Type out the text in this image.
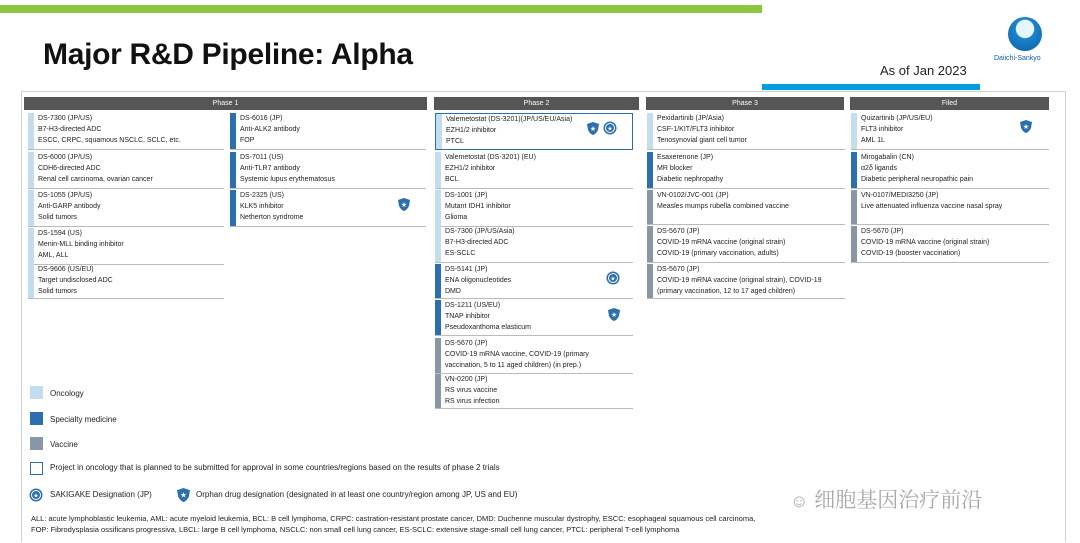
Major R&D Pipeline: Alpha	As of Jan 2023
Daiichi-Sankyo
Phase 1	Phase 2	Phase 3	Filed
DS-7300 (JP/US)
B7-H3-directed ADC
ESCC, CRPC, squamous NSCLC, SCLC, etc.
DS-6000 (JP/US)
CDH6-directed ADC
Renal cell carcinoma, ovarian cancer
DS-1055 (JP/US)
Anti-GARP antibody
Solid tumors
DS-1594 (US)
Menin-MLL binding inhibitor
AML, ALL
DS-9606 (US/EU)
Target undisclosed ADC
Solid tumors
DS-6016 (JP)
Anti-ALK2 antibody
FOP
DS-7011 (US)
Anti-TLR7 antibody
Systemic lupus erythematosus
DS-2325 (US)
KLK5 inhibitor
Netherton syndrome
★
Valemetostat (DS-3201)(JP/US/EU/Asia)
EZH1/2 inhibitor
PTCL
★ ★
Valemetostat (DS-3201) (EU)
EZH1/2 inhibitor
BCL
DS-1001 (JP)
Mutant IDH1 inhibitor
Glioma
DS-7300 (JP/US/Asia)
B7-H3-directed ADC
ES-SCLC
DS-5141 (JP)
ENA oligonucleotides
DMD
★
DS-1211 (US/EU)
TNAP inhibitor
Pseudoxanthoma elasticum
★
DS-5670 (JP)
COVID-19 mRNA vaccine, COVID-19 (primary vaccination, 5 to 11 aged children) (in prep.)
VN-0200 (JP)
RS virus vaccine
RS virus infection
Pexidartinib (JP/Asia)
CSF-1/KIT/FLT3 inhibitor
Tenosynovial giant cell tumor
Esaxerenone (JP)
MR blocker
Diabetic nephropathy
VN-0102/JVC-001 (JP)
Measles mumps rubella combined vaccine
DS-5670 (JP)
COVID-19 mRNA vaccine (original strain)
COVID-19 (primary vaccination, adults)
DS-5670 (JP)
COVID-19 mRNA vaccine (original strain), COVID-19 (primary vaccination, 12 to 17 aged children)
Quizartinib (JP/US/EU)
FLT3 inhibitor
AML 1L
★
Mirogabalin (CN)
α2δ ligands
Diabetic peripheral neuropathic pain
VN-0107/MEDI3250 (JP)
Live attenuated influenza vaccine nasal spray
DS-5670 (JP)
COVID-19 mRNA vaccine (original strain)
COVID-19 (booster vaccination)
Oncology
Specialty medicine
Vaccine
Project in oncology that is planned to be submitted for approval in some countries/regions based on the results of phase 2 trials
★ SAKIGAKE Designation (JP)	★ Orphan drug designation (designated in at least one country/region among JP, US and EU)
ALL: acute lymphoblastic leukemia, AML: acute myeloid leukemia, BCL: B cell lymphoma, CRPC: castration-resistant prostate cancer, DMD: Duchenne muscular dystrophy, ESCC: esophageal squamous cell carcinoma,
FOP: Fibrodysplasia ossificans progressiva, LBCL: large B cell lymphoma, NSCLC: non small cell lung cancer, ES-SCLC: extensive stage-small cell lung cancer, PTCL: peripheral T-cell lymphoma
☺ 细胞基因治疗前沿
